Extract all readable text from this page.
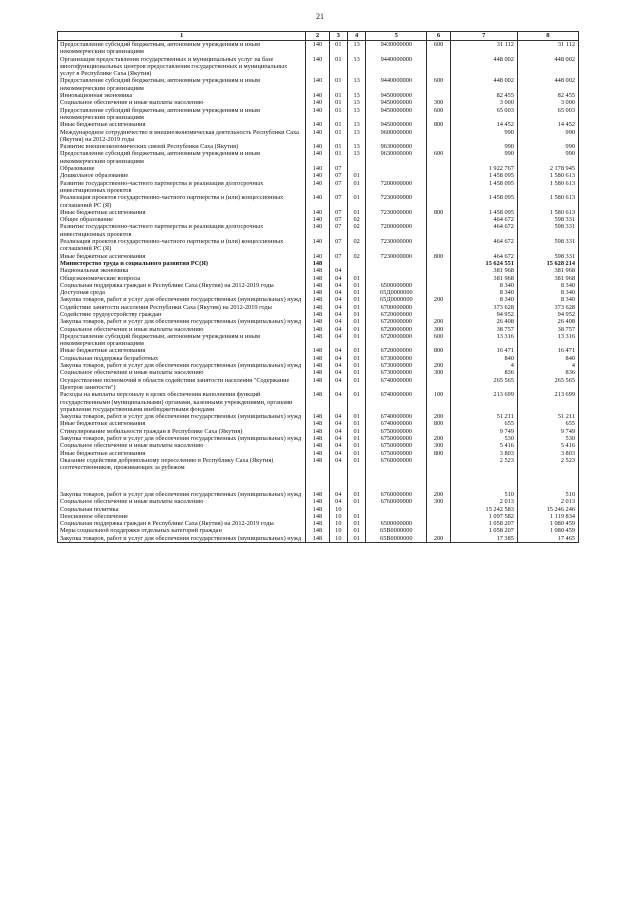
21
1	2	3	4	5	6	7	8
Предоставление субсидий бюджетным, автономным учреждениям и иным некоммерческим организациям	140	01	13	9430000000	600	31 112	31 112
Организация предоставления государственных и муниципальных услуг на базе многофункциональных центров предоставления государственных и муниципальных услуг в Республике Саха (Якутия)	140	01	13	9440000000		448 002	448 002
Предоставление субсидий бюджетным, автономным учреждениям и иным некоммерческим организациям	140	01	13	9440000000	600	448 002	448 002
Инновационная экономика	140	01	13	9450000000		82 455	82 455
Социальное обеспечение и иные выплаты населению	140	01	13	9450000000	300	3 000	3 000
Предоставление субсидий бюджетным, автономным учреждениям и иным некоммерческим организациям	140	01	13	9450000000	600	65 003	65 003
Иные бюджетные ассигнования	140	01	13	9450000000	800	14 452	14 452
Международное сотрудничество и внешнеэкономическая деятельность Республики Саха (Якутия) на 2012-2019 годы	140	01	13	9600000000		990	990
Развитие внешнеэкономических связей Республики Саха (Якутия)	140	01	13	9630000000		990	990
Предоставление субсидий бюджетным, автономным учреждениям и иным некоммерческим организациям	140	01	13	9630000000	600	990	990
Образование	140	07				1 922 767	2 178 945
Дошкольное образование	140	07	01			1 458 095	1 580 613
Развитие государственно-частного партнерства и реализация долгосрочных инвестиционных проектов	140	07	01	7200000000		1 458 095	1 580 613
Реализация проектов государственно-частного партнерства и (или) концессионных соглашений РС (Я)	140	07	01	7230000000		1 458 095	1 580 613
Иные бюджетные ассигнования	140	07	01	7230000000	800	1 458 095	1 580 613
Общее образование	140	07	02			464 672	598 331
Развитие государственно-частного партнерства и реализация долгосрочных инвестиционных проектов	140	07	02	7200000000		464 672	598 331
Реализация проектов государственно-частного партнерства и (или) концессионных соглашений РС (Я)	140	07	02	7230000000		464 672	598 331
Иные бюджетные ассигнования	140	07	02	7230000000	800	464 672	598 331
Министерство труда и социального развития РС(Я)	148					15 624 551	15 628 214
Национальная экономика	148	04				381 968	381 968
Общеэкономические вопросы	148	04	01			381 968	381 968
Социальная поддержка граждан в Республике Саха (Якутия) на 2012-2019 годы	148	04	01	6500000000		8 340	8 340
Доступная среда	148	04	01	65Д0000000		8 340	8 340
Закупка товаров, работ и услуг для обеспечения государственных (муниципальных) нужд	148	04	01	65Д0000000	200	8 340	8 340
Содействие занятости населения Республики Саха (Якутия) на 2012-2019 годы	148	04	01	6700000000		373 628	373 628
Содействие трудоустройству граждан	148	04	01	6720000000		94 952	94 952
Закупка товаров, работ и услуг для обеспечения государственных (муниципальных) нужд	148	04	01	6720000000	200	26 408	26 408
Социальное обеспечение и иные выплаты населению	148	04	01	6720000000	300	38 757	38 757
Предоставление субсидий бюджетным, автономным учреждениям и иным некоммерческим организациям	148	04	01	6720000000	600	13 316	13 316
Иные бюджетные ассигнования	148	04	01	6720000000	800	16 471	16 471
Социальная поддержка безработных	148	04	01	6730000000		840	840
Закупка товаров, работ и услуг для обеспечения государственных (муниципальных) нужд	148	04	01	6730000000	200	4	4
Социальное обеспечение и иные выплаты населению	148	04	01	6730000000	300	836	836
Осуществление полномочий в области содействия занятости населения "Содержание Центров занятости")	148	04	01	6740000000		265 565	265 565
Расходы на выплаты персоналу в целях обеспечения выполнения функций государственными (муниципальными) органами, казенными учреждениями, органами управления государственными внебюджетными фондами	148	04	01	6740000000	100	213 699	213 699
Закупка товаров, работ и услуг для обеспечения государственных (муниципальных) нужд	148	04	01	6740000000	200	51 211	51 211
Иные бюджетные ассигнования	148	04	01	6740000000	800	655	655
Стимулирование мобильности граждан в Республике Саха (Якутия)	148	04	01	6750000000		9 749	9 749
Закупка товаров, работ и услуг для обеспечения государственных (муниципальных) нужд	148	04	01	6750000000	200	530	530
Социальное обеспечение и иные выплаты населению	148	04	01	6750000000	300	5 416	5 416
Иные бюджетные ассигнования	148	04	01	6750000000	800	3 803	3 803
Оказание содействия добровольному переселению в Республику Саха (Якутия) соотечественников, проживающих за рубежом	148	04	01	6760000000		2 523	2 523
Закупка товаров, работ и услуг для обеспечения государственных (муниципальных) нужд	148	04	01	6760000000	200	510	510
Социальное обеспечение и иные выплаты населению	148	04	01	6760000000	300	2 013	2 013
Социальная политика	148	10				15 242 583	15 246 246
Пенсионное обеспечение	148	10	01			1 097 582	1 119 834
Социальная поддержка граждан в Республике Саха (Якутия) на 2012-2019 годы	148	10	01	6500000000		1 058 207	1 080 459
Меры социальной поддержки отдельных категорий граждан	148	10	01	65В0000000		1 058 207	1 080 459
Закупка товаров, работ и услуг для обеспечения государственных (муниципальных) нужд	148	10	01	65В0000000	200	17 385	17 465
